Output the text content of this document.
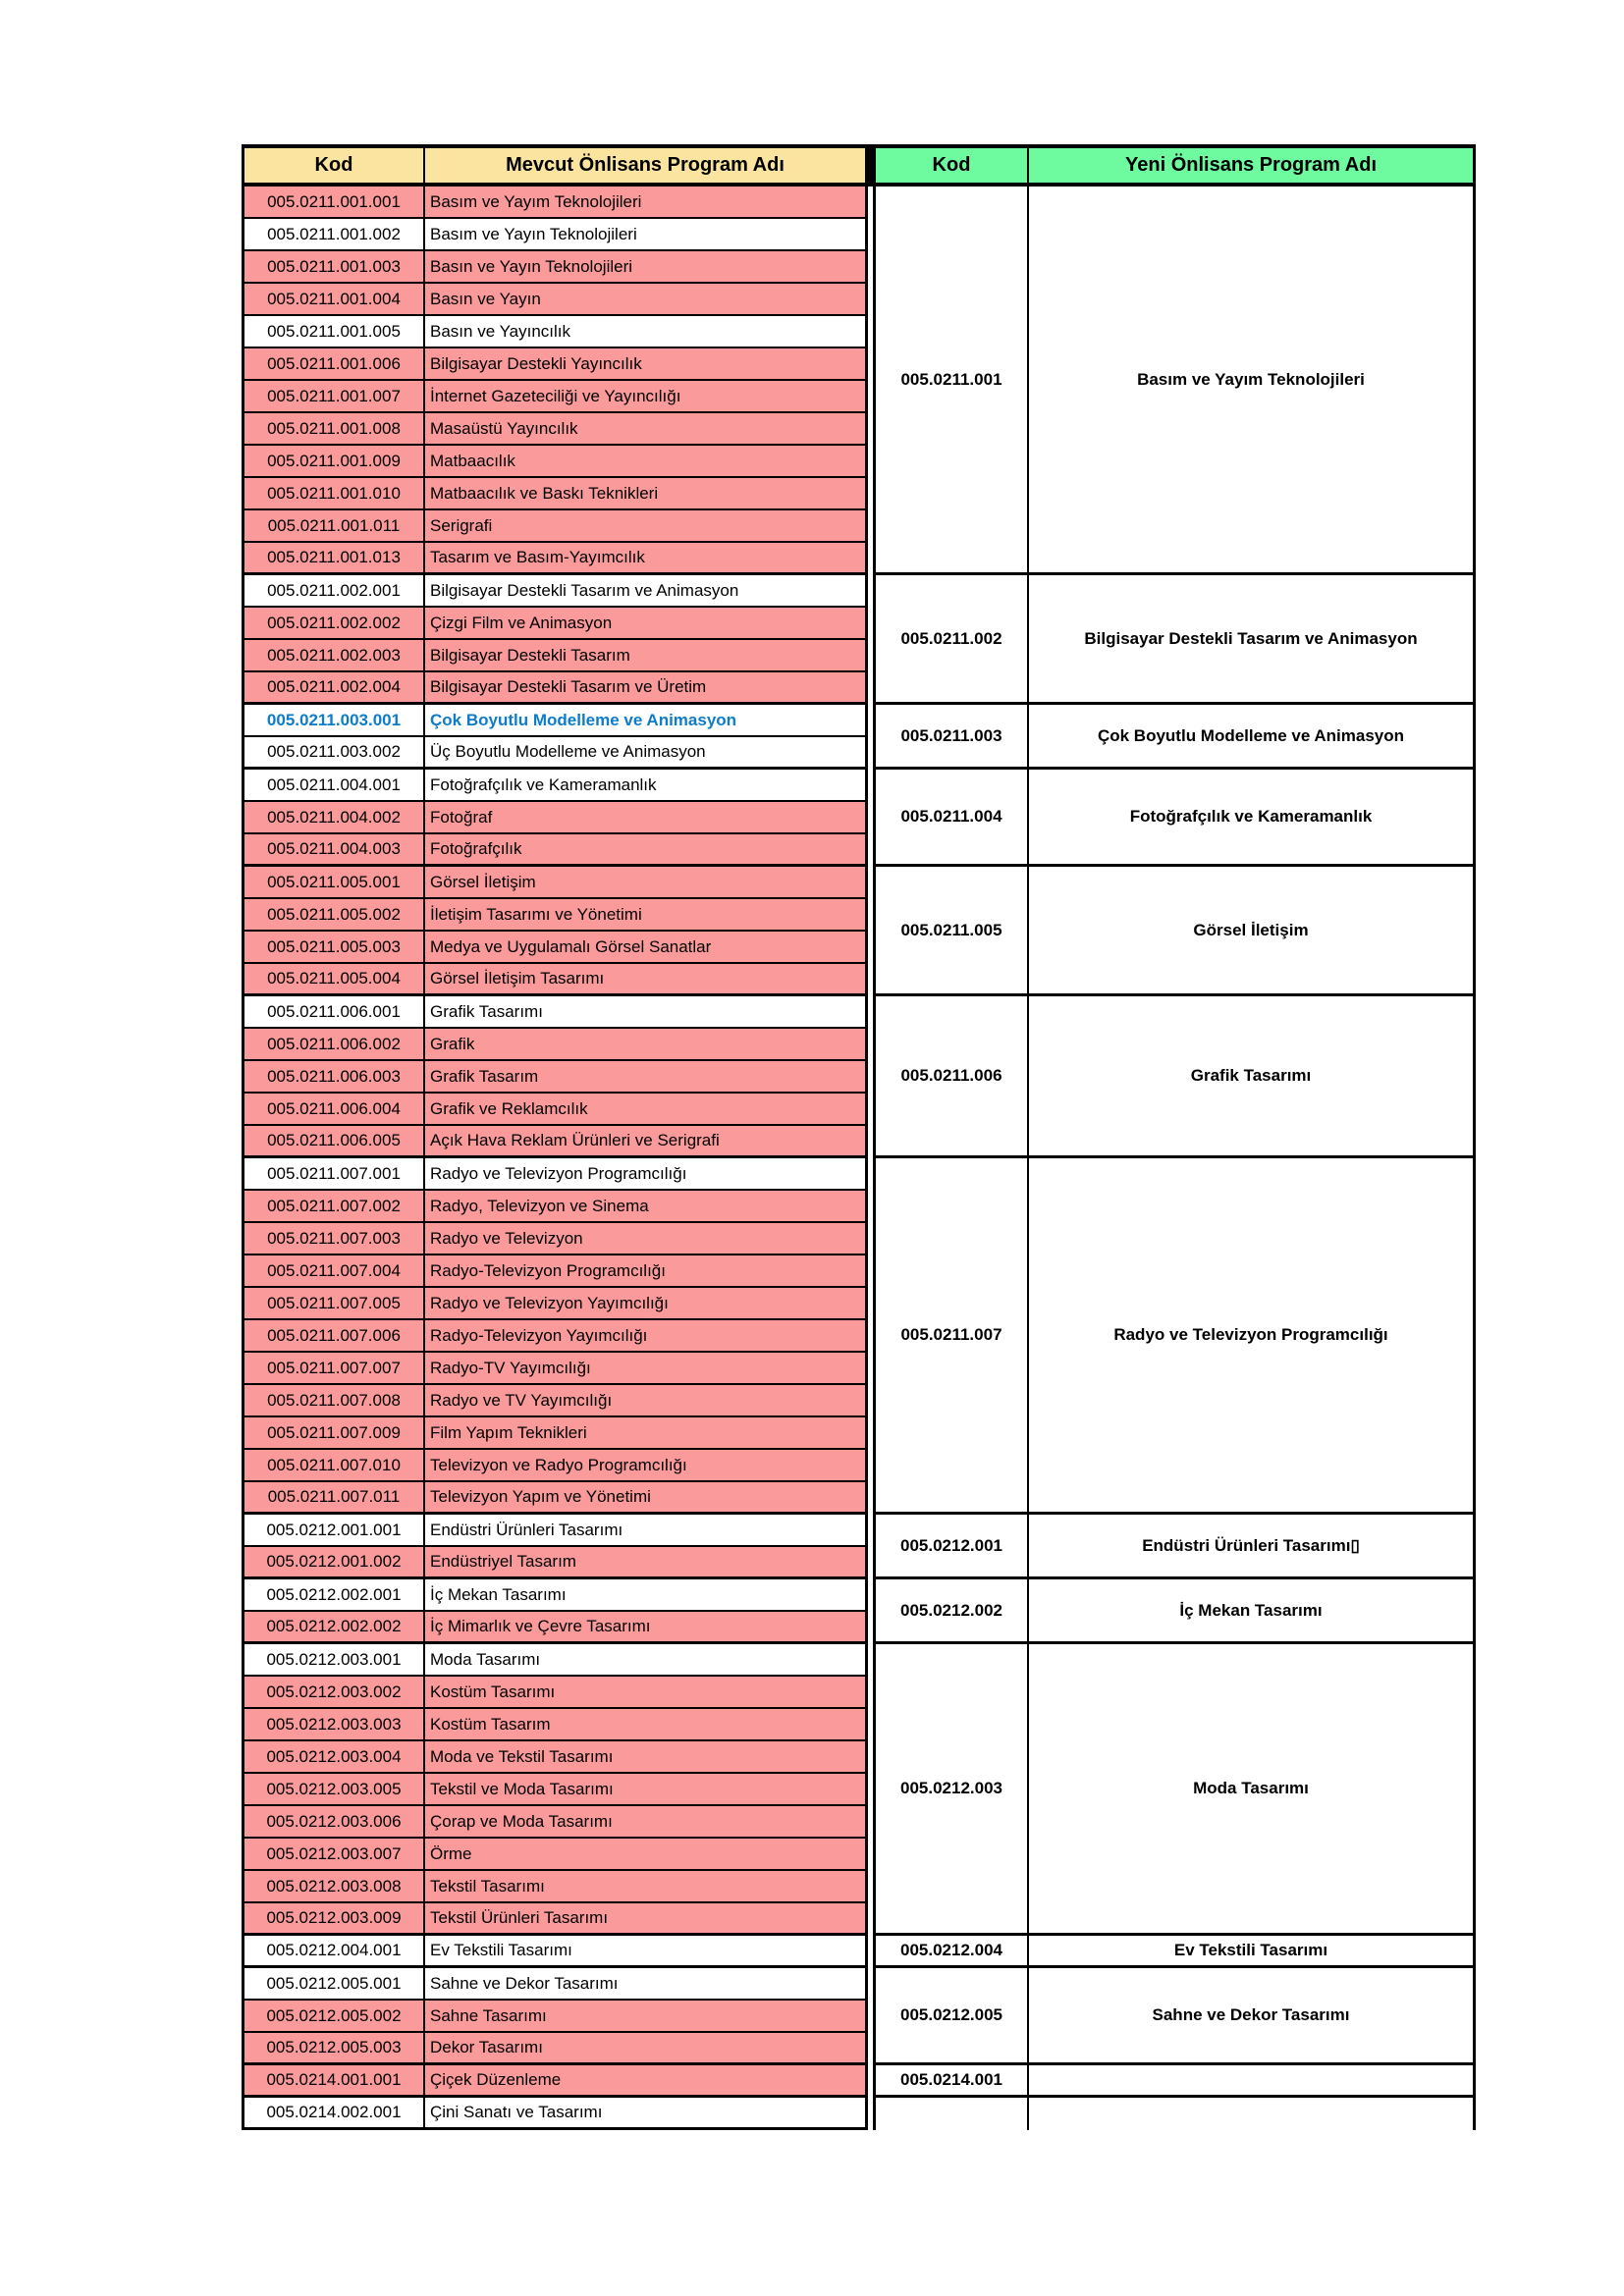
Kod	Mevcut Önlisans Program Adı	Kod	Yeni Önlisans Program Adı
005.0211.001.001	Basım ve Yayım Teknolojileri
005.0211.001.002	Basım ve Yayın Teknolojileri
005.0211.001.003	Basın ve Yayın Teknolojileri
005.0211.001.004	Basın ve Yayın
005.0211.001.005	Basın ve Yayıncılık
005.0211.001.006	Bilgisayar Destekli Yayıncılık
005.0211.001.007	İnternet Gazeteciliği ve Yayıncılığı
005.0211.001.008	Masaüstü Yayıncılık
005.0211.001.009	Matbaacılık
005.0211.001.010	Matbaacılık ve Baskı Teknikleri
005.0211.001.011	Serigrafi
005.0211.001.013	Tasarım ve Basım-Yayımcılık
005.0211.001	Basım ve Yayım Teknolojileri
005.0211.002.001	Bilgisayar Destekli Tasarım ve Animasyon
005.0211.002.002	Çizgi Film ve Animasyon
005.0211.002.003	Bilgisayar Destekli Tasarım
005.0211.002.004	Bilgisayar Destekli Tasarım ve Üretim
005.0211.002	Bilgisayar Destekli Tasarım ve Animasyon
005.0211.003.001	Çok Boyutlu Modelleme ve Animasyon
005.0211.003.002	Üç Boyutlu Modelleme ve Animasyon
005.0211.003	Çok Boyutlu Modelleme ve Animasyon
005.0211.004.001	Fotoğrafçılık ve Kameramanlık
005.0211.004.002	Fotoğraf
005.0211.004.003	Fotoğrafçılık
005.0211.004	Fotoğrafçılık ve Kameramanlık
005.0211.005.001	Görsel İletişim
005.0211.005.002	İletişim Tasarımı ve Yönetimi
005.0211.005.003	Medya ve Uygulamalı Görsel Sanatlar
005.0211.005.004	Görsel İletişim Tasarımı
005.0211.005	Görsel İletişim
005.0211.006.001	Grafik Tasarımı
005.0211.006.002	Grafik
005.0211.006.003	Grafik Tasarım
005.0211.006.004	Grafik ve Reklamcılık
005.0211.006.005	Açık Hava Reklam Ürünleri ve Serigrafi
005.0211.006	Grafik Tasarımı
005.0211.007.001	Radyo ve Televizyon Programcılığı
005.0211.007.002	Radyo, Televizyon ve Sinema
005.0211.007.003	Radyo ve Televizyon
005.0211.007.004	Radyo-Televizyon Programcılığı
005.0211.007.005	Radyo ve Televizyon Yayımcılığı
005.0211.007.006	Radyo-Televizyon Yayımcılığı
005.0211.007.007	Radyo-TV Yayımcılığı
005.0211.007.008	Radyo ve TV Yayımcılığı
005.0211.007.009	Film Yapım Teknikleri
005.0211.007.010	Televizyon ve Radyo Programcılığı
005.0211.007.011	Televizyon Yapım ve Yönetimi
005.0211.007	Radyo ve Televizyon Programcılığı
005.0212.001.001	Endüstri Ürünleri Tasarımı
005.0212.001.002	Endüstriyel Tasarım
005.0212.001	Endüstri Ürünleri Tasarımı▯
005.0212.002.001	İç Mekan Tasarımı
005.0212.002.002	İç Mimarlık ve Çevre Tasarımı
005.0212.002	İç Mekan Tasarımı
005.0212.003.001	Moda Tasarımı
005.0212.003.002	Kostüm Tasarımı
005.0212.003.003	Kostüm Tasarım
005.0212.003.004	Moda ve Tekstil Tasarımı
005.0212.003.005	Tekstil ve Moda Tasarımı
005.0212.003.006	Çorap ve Moda Tasarımı
005.0212.003.007	Örme
005.0212.003.008	Tekstil Tasarımı
005.0212.003.009	Tekstil Ürünleri Tasarımı
005.0212.003	Moda Tasarımı
005.0212.004.001	Ev Tekstili Tasarımı	005.0212.004	Ev Tekstili Tasarımı
005.0212.005.001	Sahne ve Dekor Tasarımı
005.0212.005.002	Sahne Tasarımı
005.0212.005.003	Dekor Tasarımı
005.0212.005	Sahne ve Dekor Tasarımı
005.0214.001.001	Çiçek Düzenleme	005.0214.001
005.0214.002.001	Çini Sanatı ve Tasarımı
